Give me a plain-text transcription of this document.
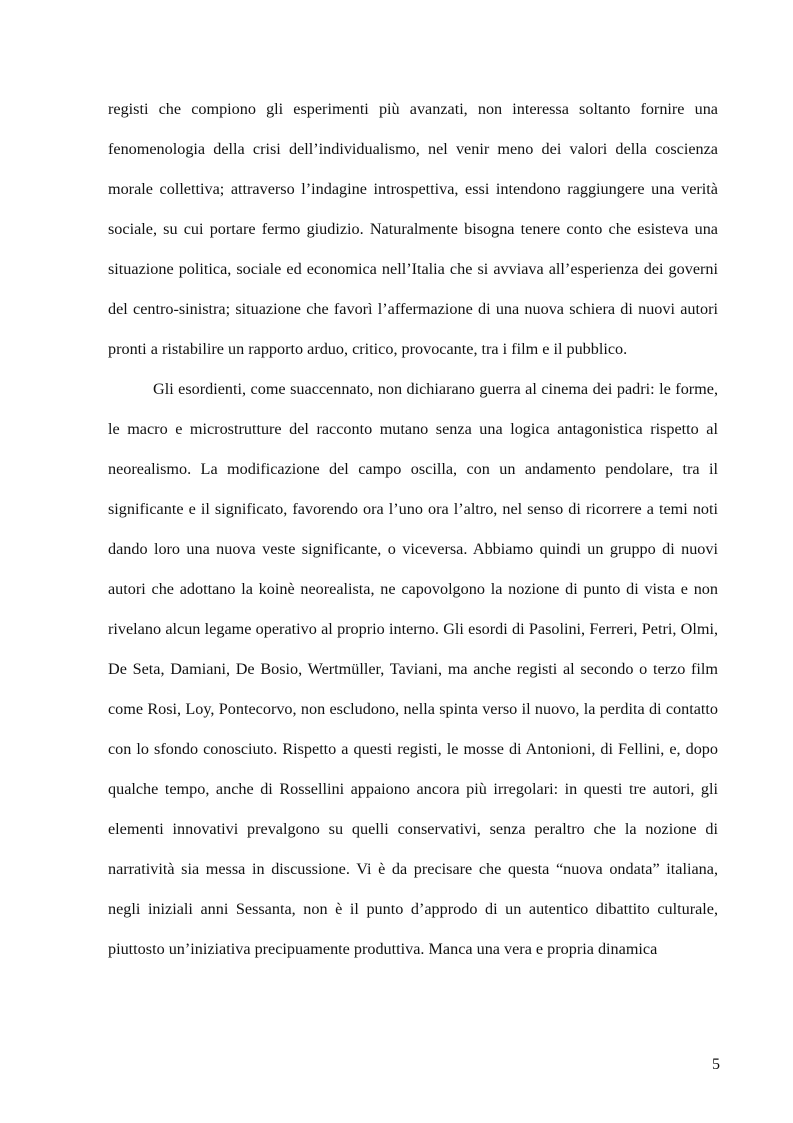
registi che compiono gli esperimenti più avanzati, non interessa soltanto fornire una fenomenologia della crisi dell’individualismo, nel venir meno dei valori della coscienza morale collettiva; attraverso l’indagine introspettiva, essi intendono raggiungere una verità sociale, su cui portare fermo giudizio. Naturalmente bisogna tenere conto che esisteva una situazione politica, sociale ed economica nell’Italia che si avviava all’esperienza dei governi del centro-sinistra; situazione che favorì l’affermazione di una nuova schiera di nuovi autori pronti a ristabilire un rapporto arduo, critico, provocante, tra i film e il pubblico.

Gli esordienti, come suaccennato, non dichiarano guerra al cinema dei padri: le forme, le macro e microstrutture del racconto mutano senza una logica antagonistica rispetto al neorealismo. La modificazione del campo oscilla, con un andamento pendolare, tra il significante e il significato, favorendo ora l’uno ora l’altro, nel senso di ricorrere a temi noti dando loro una nuova veste significante, o viceversa. Abbiamo quindi un gruppo di nuovi autori che adottano la koinè neorealista, ne capovolgono la nozione di punto di vista e non rivelano alcun legame operativo al proprio interno. Gli esordi di Pasolini, Ferreri, Petri, Olmi, De Seta, Damiani, De Bosio, Wertmüller, Taviani, ma anche registi al secondo o terzo film come Rosi, Loy, Pontecorvo, non escludono, nella spinta verso il nuovo, la perdita di contatto con lo sfondo conosciuto. Rispetto a questi registi, le mosse di Antonioni, di Fellini, e, dopo qualche tempo, anche di Rossellini appaiono ancora più irregolari: in questi tre autori, gli elementi innovativi prevalgono su quelli conservativi, senza peraltro che la nozione di narratività sia messa in discussione. Vi è da precisare che questa “nuova ondata” italiana, negli iniziali anni Sessanta, non è il punto d’approdo di un autentico dibattito culturale, piuttosto un’iniziativa precipuamente produttiva. Manca una vera e propria dinamica

5
